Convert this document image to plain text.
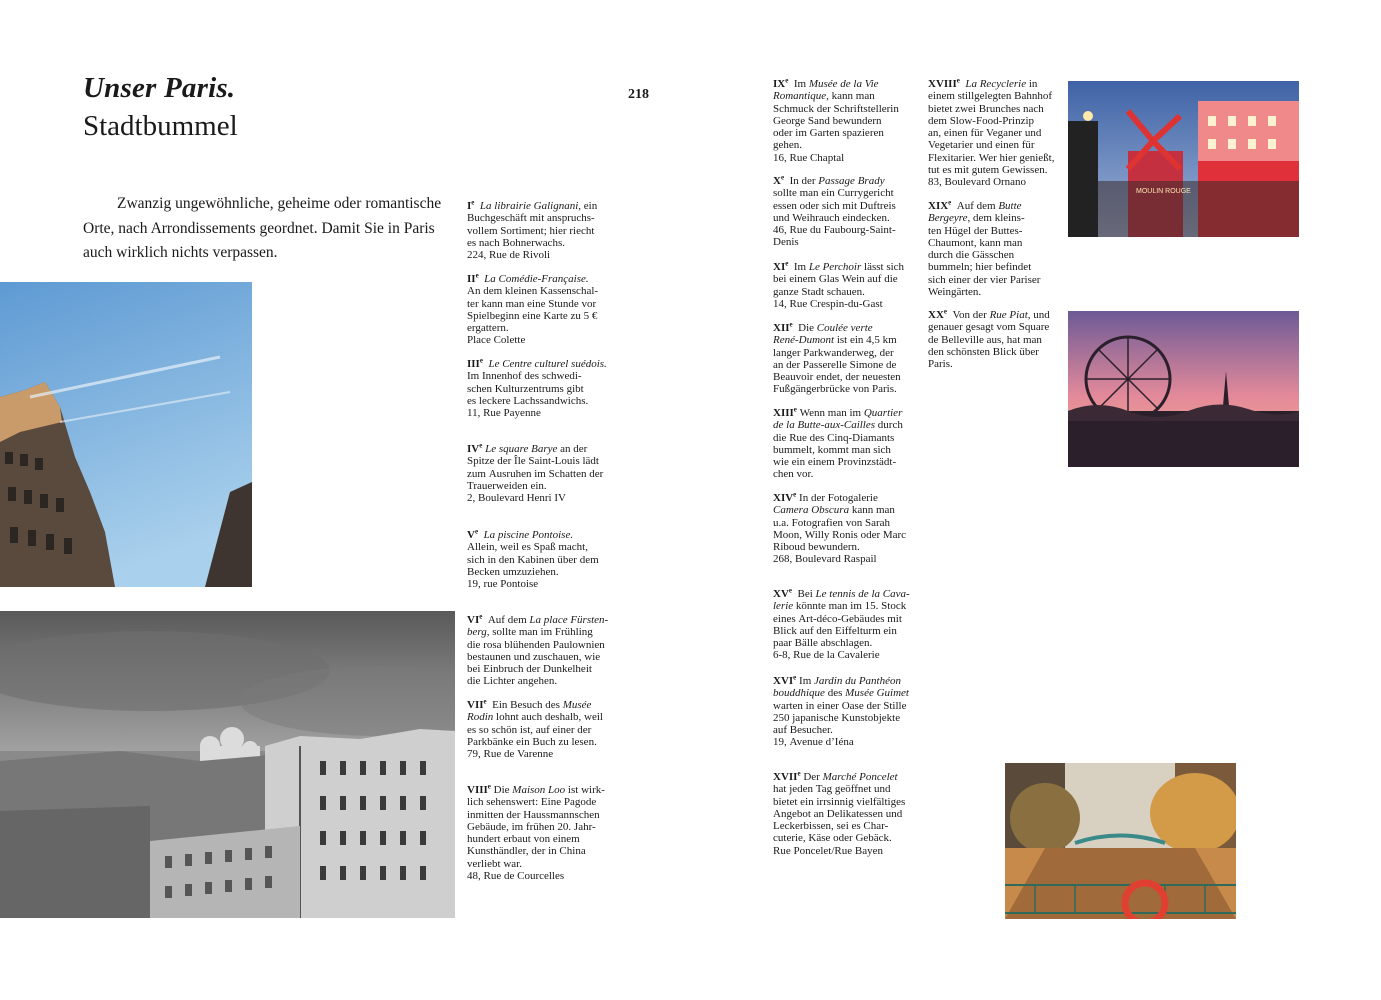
Unser Paris.
Stadtbummel
218
Zwanzig ungewöhnliche, geheime oder romantische Orte, nach Arrondissements geordnet. Damit Sie in Paris auch wirklich nichts verpassen.
Ie La librairie Galignani, ein
Buchgeschäft mit anspruchs-
vollem Sortiment; hier riecht
es nach Bohnerwachs.
224, Rue de Rivoli
IIe La Comédie-Française.
An dem kleinen Kassenschal-
ter kann man eine Stunde vor
Spielbeginn eine Karte zu 5 €
ergattern.
Place Colette
IIIe Le Centre culturel suédois.
Im Innenhof des schwedi-
schen Kulturzentrums gibt
es leckere Lachssandwichs.
11, Rue Payenne
IVe Le square Barye an der
Spitze der Île Saint-Louis lädt
zum Ausruhen im Schatten der
Trauerweiden ein.
2, Boulevard Henri IV
Ve La piscine Pontoise.
Allein, weil es Spaß macht,
sich in den Kabinen über dem
Becken umzuziehen.
19, rue Pontoise
VIe  Auf dem La place Fürsten-
berg, sollte man im Frühling
die rosa blühenden Paulownien
bestaunen und zuschauen, wie
bei Einbruch der Dunkelheit
die Lichter angehen.
VIIe  Ein Besuch des Musée
Rodin lohnt auch deshalb, weil
es so schön ist, auf einer der
Parkbänke ein Buch zu lesen.
79, Rue de Varenne
VIIIe Die Maison Loo ist wirk-
lich sehenswert: Eine Pagode
inmitten der Haussmannschen
Gebäude, im frühen 20. Jahr-
hundert erbaut von einem
Kunsthändler, der in China
verliebt war.
48, Rue de Courcelles
IXe  Im Musée de la Vie
Romantique, kann man
Schmuck der Schriftstellerin
George Sand bewundern
oder im Garten spazieren
gehen.
16, Rue Chaptal
Xe  In der Passage Brady
sollte man ein Currygericht
essen oder sich mit Duftreis
und Weihrauch eindecken.
46, Rue du Faubourg-Saint-
Denis
XIe  Im Le Perchoir lässt sich
bei einem Glas Wein auf die
ganze Stadt schauen.
14, Rue Crespin-du-Gast
XIIe  Die Coulée verte
René-Dumont ist ein 4,5 km
langer Parkwanderweg, der
an der Passerelle Simone de
Beauvoir endet, der neuesten
Fußgängerbrücke von Paris.
XIIIe Wenn man im Quartier
de la Butte-aux-Cailles durch
die Rue des Cinq-Diamants
bummelt, kommt man sich
wie ein einem Provinzstädt-
chen vor.
XIVe In der Fotogalerie
Camera Obscura kann man
u.a. Fotografien von Sarah
Moon, Willy Ronis oder Marc
Riboud bewundern.
268, Boulevard Raspail
XVe  Bei Le tennis de la Cava-
lerie könnte man im 15. Stock
eines Art-déco-Gebäudes mit
Blick auf den Eiffelturm ein
paar Bälle abschlagen.
6-8, Rue de la Cavalerie
XVIe Im Jardin du Panthéon
bouddhique des Musée Guimet
warten in einer Oase der Stille
250 japanische Kunstobjekte
auf Besucher.
19, Avenue d’Iéna
XVIIe Der Marché Poncelet
hat jeden Tag geöffnet und
bietet ein irrsinnig vielfältiges
Angebot an Delikatessen und
Leckerbissen, sei es Char-
cuterie, Käse oder Gebäck.
Rue Poncelet/Rue Bayen
XVIIIe La Recyclerie in
einem stillgelegten Bahnhof
bietet zwei Brunches nach
dem Slow-Food-Prinzip
an, einen für Veganer und
Vegetarier und einen für
Flexitarier. Wer hier genießt,
tut es mit gutem Gewissen.
83, Boulevard Ornano
XIXe  Auf dem Butte
Bergeyre, dem kleins-
ten Hügel der Buttes-
Chaumont, kann man
durch die Gässchen
bummeln; hier befindet
sich einer der vier Pariser
Weingärten.
XXe  Von der Rue Piat, und
genauer gesagt vom Square
de Belleville aus, hat man
den schönsten Blick über
Paris.
MOULIN ROUGE
